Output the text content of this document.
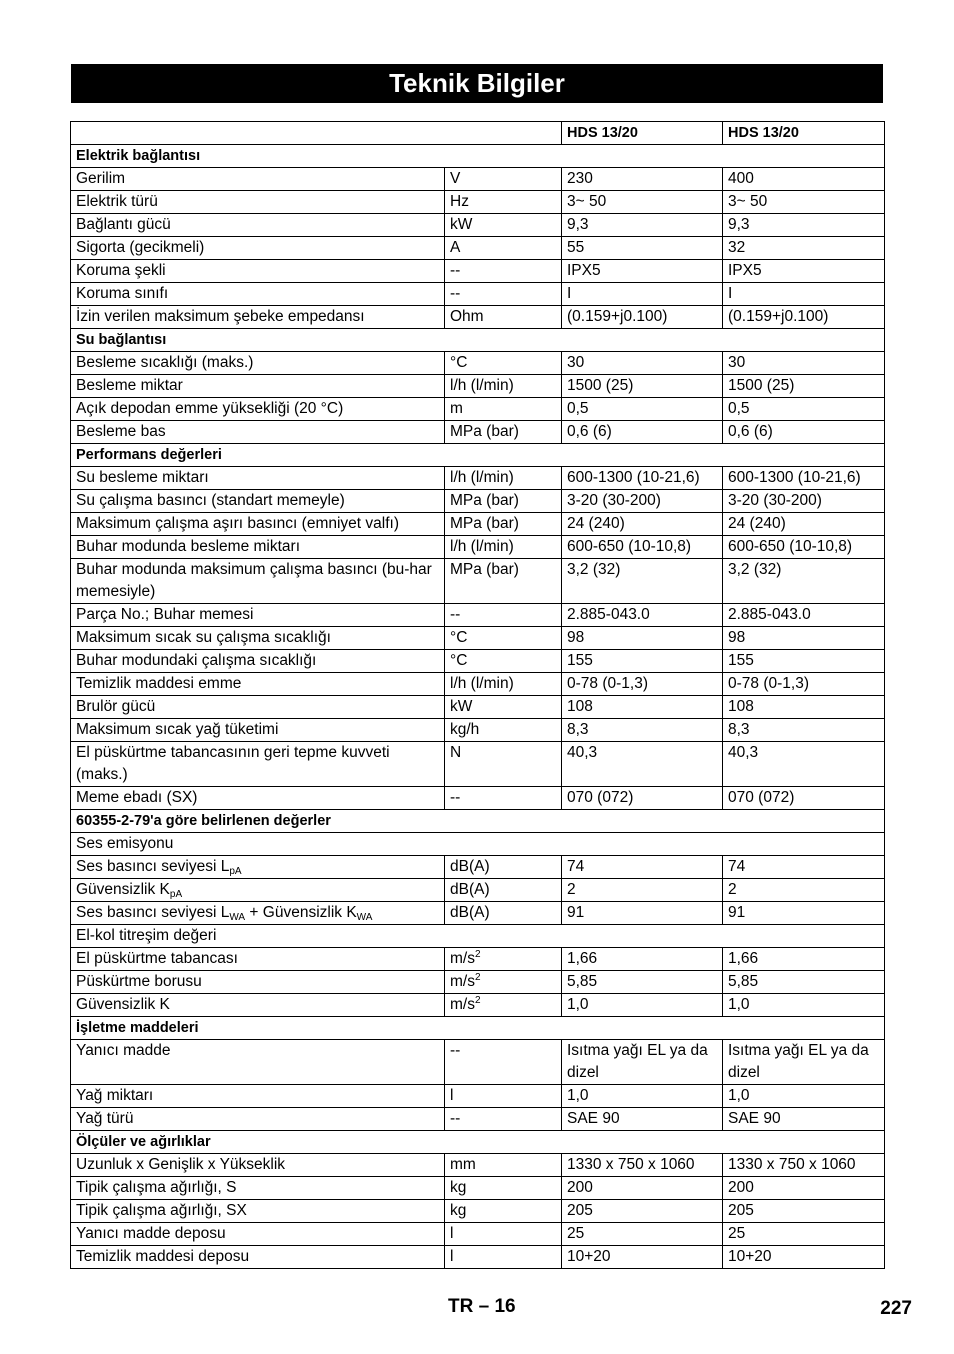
Teknik Bilgiler
		HDS 13/20	HDS 13/20
Elektrik bağlantısı			
Gerilim	V	230	400
Elektrik türü	Hz	3~ 50	3~ 50
Bağlantı gücü	kW	9,3	9,3
Sigorta (gecikmeli)	A	55	32
Koruma şekli	--	IPX5	IPX5
Koruma sınıfı	--	I	I
İzin verilen maksimum şebeke empedansı	Ohm	(0.159+j0.100)	(0.159+j0.100)
Su bağlantısı			
Besleme sıcaklığı (maks.)	°C	30	30
Besleme miktar	l/h (l/min)	1500 (25)	1500 (25)
Açık depodan emme yüksekliği (20 °C)	m	0,5	0,5
Besleme bas	MPa (bar)	0,6 (6)	0,6 (6)
Performans değerleri			
Su besleme miktarı	l/h (l/min)	600-1300 (10-21,6)	600-1300 (10-21,6)
Su çalışma basıncı (standart memeyle)	MPa (bar)	3-20 (30-200)	3-20 (30-200)
Maksimum çalışma aşırı basıncı (emniyet valfı)	MPa (bar)	24 (240)	24 (240)
Buhar modunda besleme miktarı	l/h (l/min)	600-650 (10-10,8)	600-650 (10-10,8)
Buhar modunda maksimum çalışma basıncı (bu-har memesiyle)	MPa (bar)	3,2 (32)	3,2 (32)
Parça No.; Buhar memesi	--	2.885-043.0	2.885-043.0
Maksimum sıcak su çalışma sıcaklığı	°C	98	98
Buhar modundaki çalışma sıcaklığı	°C	155	155
Temizlik maddesi emme	l/h (l/min)	0-78 (0-1,3)	0-78 (0-1,3)
Brulör gücü	kW	108	108
Maksimum sıcak yağ tüketimi	kg/h	8,3	8,3
El püskürtme tabancasının geri tepme kuvveti (maks.)	N	40,3	40,3
Meme ebadı (SX)	--	070 (072)	070 (072)
60355-2-79'a göre belirlenen değerler			
Ses emisyonu			
Ses basıncı seviyesi $L_{pA}$	dB(A)	74	74
Güvensizlik $K_{pA}$	dB(A)	2	2
Ses basıncı seviyesi $L_{WA}$ + Güvensizlik $K_{WA}$	dB(A)	91	91
El-kol titreşim değeri			
El püskürtme tabancası	$m/s^2$	1,66	1,66
Püskürtme borusu	$m/s^2$	5,85	5,85
Güvensizlik K	$m/s^2$	1,0	1,0
İşletme maddeleri			
Yanıcı madde	--	Isıtma yağı EL ya da dizel	Isıtma yağı EL ya da dizel
Yağ miktarı	l	1,0	1,0
Yağ türü	--	SAE 90	SAE 90
Ölçüler ve ağırlıklar			
Uzunluk x Genişlik x Yükseklik	mm	1330 x 750 x 1060	1330 x 750 x 1060
Tipik çalışma ağırlığı, S	kg	200	200
Tipik çalışma ağırlığı, SX	kg	205	205
Yanıcı madde deposu	l	25	25
Temizlik maddesi deposu	l	10+20	10+20
TR – 16	227
